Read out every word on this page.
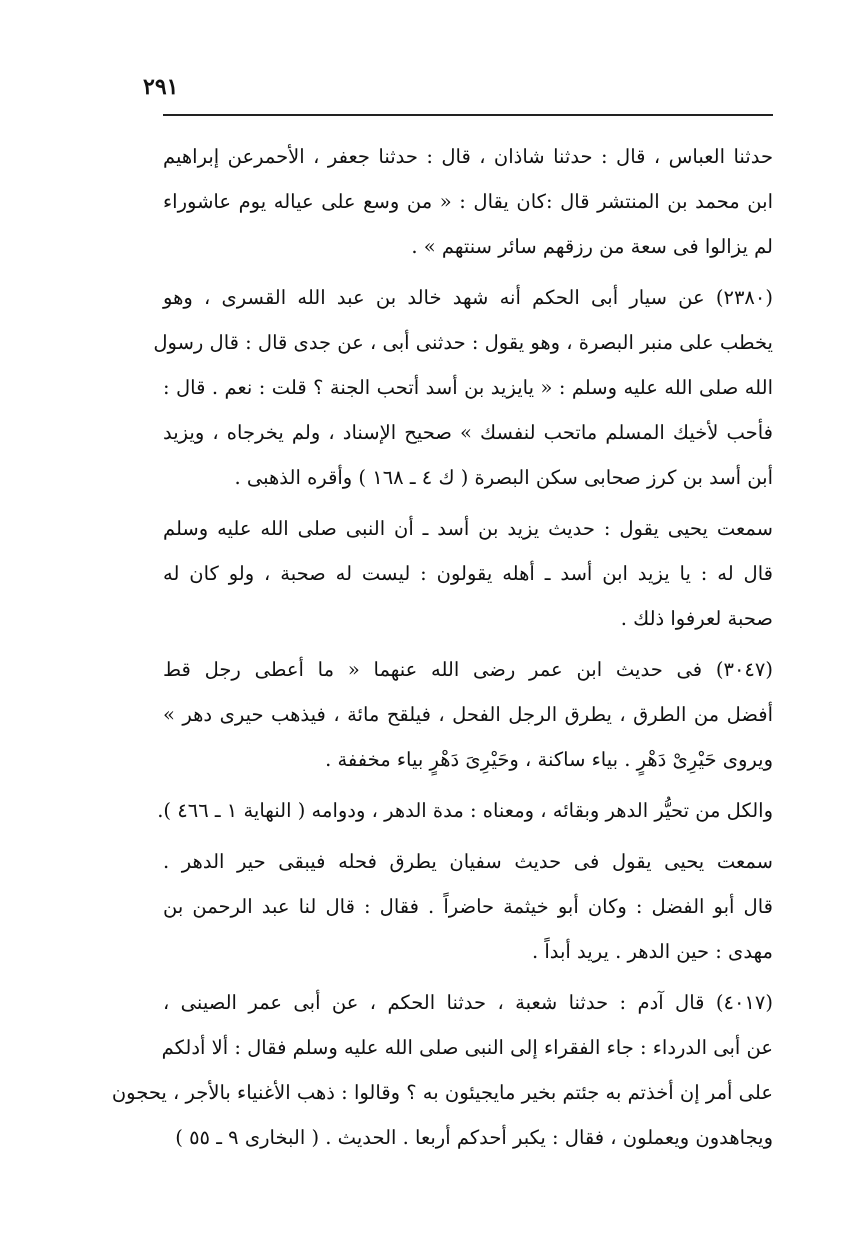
٢٩١
حدثنا العباس ، قال : حدثنا شاذان ، قال : حدثنا جعفر ، الأحمرعن إبراهيم
ابن محمد بن المنتشر قال :كان يقال : « من وسع على عياله يوم عاشوراء
لم يزالوا فى سعة من رزقهم سائر سنتهم » .
(٢٣٨٠) عن سيار أبى الحكم أنه شهد خالد بن عبد الله القسرى ، وهو
يخطب على منبر البصرة ، وهو يقول : حدثنى أبى ، عن جدى قال : قال رسول
الله صلى الله عليه وسلم : « يايزيد بن أسد أتحب الجنة ؟ قلت : نعم . قال :
فأحب لأخيك المسلم ماتحب لنفسك » صحيح الإسناد ، ولم يخرجاه ، ويزيد
أبن أسد بن كرز صحابى سكن البصرة ( ك ٤ ـ ١٦٨ ) وأقره الذهبى .
سمعت يحيى يقول : حديث يزيد بن أسد ـ أن النبى صلى الله عليه وسلم
قال له : يا يزيد ابن أسد ـ أهله يقولون : ليست له صحبة ، ولو كان له
صحبة لعرفوا ذلك .
(٣٠٤٧) فى حديث ابن عمر رضى الله عنهما « ما أعطى رجل قط
أفضل من الطرق ، يطرق الرجل الفحل ، فيلقح مائة ، فيذهب حيرى دهر »
ويروى حَيْرِىْ دَهْرٍ . بياء ساكنة ، وحَيْرِىَ دَهْرٍ بياء مخففة .
والكل من تحيُّر الدهر وبقائه ، ومعناه : مدة الدهر ، ودوامه ( النهاية ١ ـ ٤٦٦ ).
سمعت يحيى يقول فى حديث سفيان يطرق فحله فيبقى حير الدهر .
قال أبو الفضل : وكان أبو خيثمة حاضراً . فقال : قال لنا عبد الرحمن بن
مهدى : حين الدهر . يريد أبداً .
(٤٠١٧) قال آدم : حدثنا شعبة ، حدثنا الحكم ، عن أبى عمر الصينى ،
عن أبى الدرداء : جاء الفقراء إلى النبى صلى الله عليه وسلم فقال : ألا أدلكم
على أمر إن أخذتم به جئتم بخير مايجيئون به ؟ وقالوا : ذهب الأغنياء بالأجر ، يحجون
ويجاهدون ويعملون ، فقال : يكبر أحدكم أربعا . الحديث . ( البخارى ٩ ـ ٥٥ )
